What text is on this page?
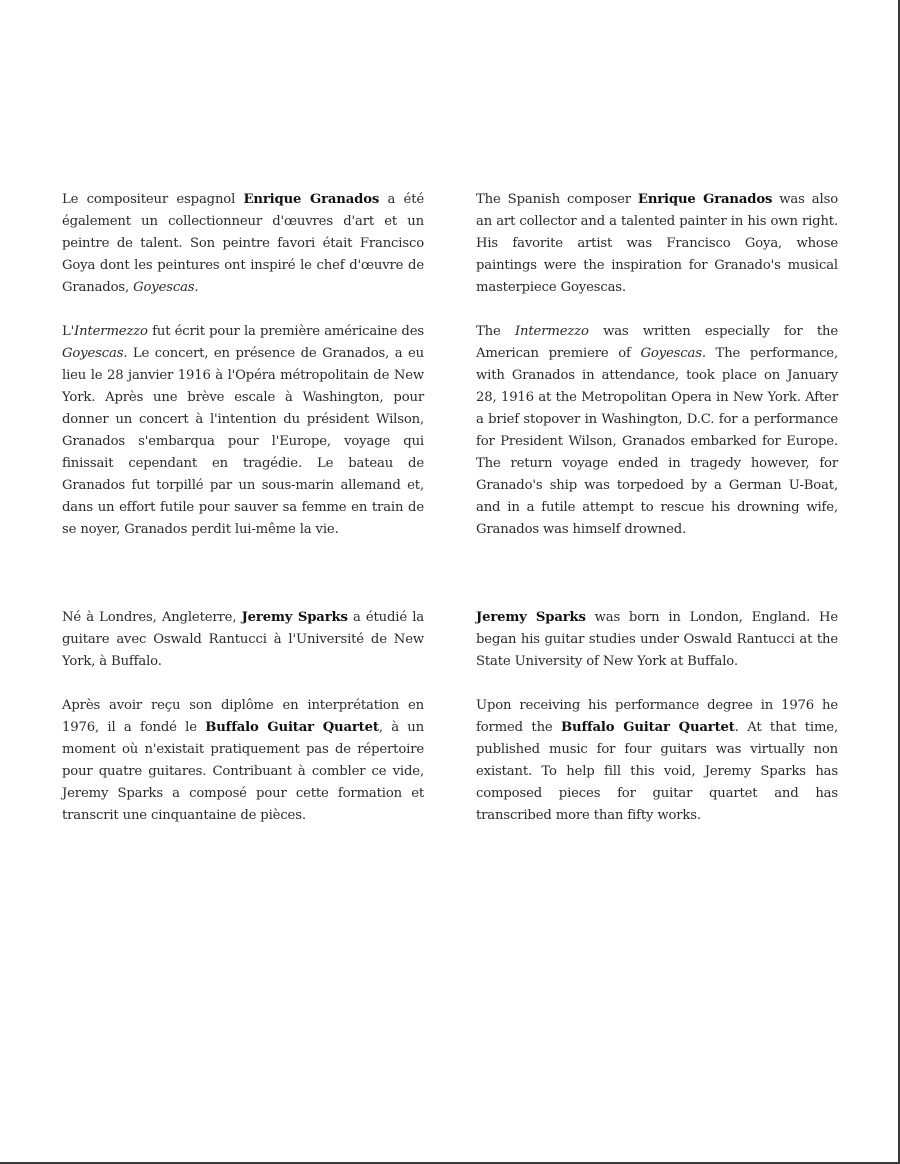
Le compositeur espagnol Enrique Granados a été également un collectionneur d'œuvres d'art et un peintre de talent. Son peintre favori était Francisco Goya dont les peintures ont inspiré le chef d'œuvre de Granados, Goyescas.

L'Intermezzo fut écrit pour la première américaine des Goyescas. Le concert, en présence de Granados, a eu lieu le 28 janvier 1916 à l'Opéra métropolitain de New York. Après une brève escale à Washington, pour donner un concert à l'intention du président Wilson, Granados s'embarqua pour l'Europe, voyage qui finissait cependant en tragédie. Le bateau de Granados fut torpillé par un sous-marin allemand et, dans un effort futile pour sauver sa femme en train de se noyer, Granados perdit lui-même la vie.

The Spanish composer Enrique Granados was also an art collector and a talented painter in his own right. His favorite artist was Francisco Goya, whose paintings were the inspiration for Granado's musical masterpiece Goyescas.

The Intermezzo was written especially for the American premiere of Goyescas. The performance, with Granados in attendance, took place on January 28, 1916 at the Metropolitan Opera in New York. After a brief stopover in Washington, D.C. for a performance for President Wilson, Granados embarked for Europe. The return voyage ended in tragedy however, for Granado's ship was torpedoed by a German U-Boat, and in a futile attempt to rescue his drowning wife, Granados was himself drowned.

Né à Londres, Angleterre, Jeremy Sparks a étudié la guitare avec Oswald Rantucci à l'Université de New York, à Buffalo.

Après avoir reçu son diplôme en interprétation en 1976, il a fondé le Buffalo Guitar Quartet, à un moment où n'existait pratiquement pas de répertoire pour quatre guitares. Contribuant à combler ce vide, Jeremy Sparks a composé pour cette formation et transcrit une cinquantaine de pièces.

Jeremy Sparks was born in London, England. He began his guitar studies under Oswald Rantucci at the State University of New York at Buffalo.

Upon receiving his performance degree in 1976 he formed the Buffalo Guitar Quartet. At that time, published music for four guitars was virtually non existant. To help fill this void, Jeremy Sparks has composed pieces for guitar quartet and has transcribed more than fifty works.
